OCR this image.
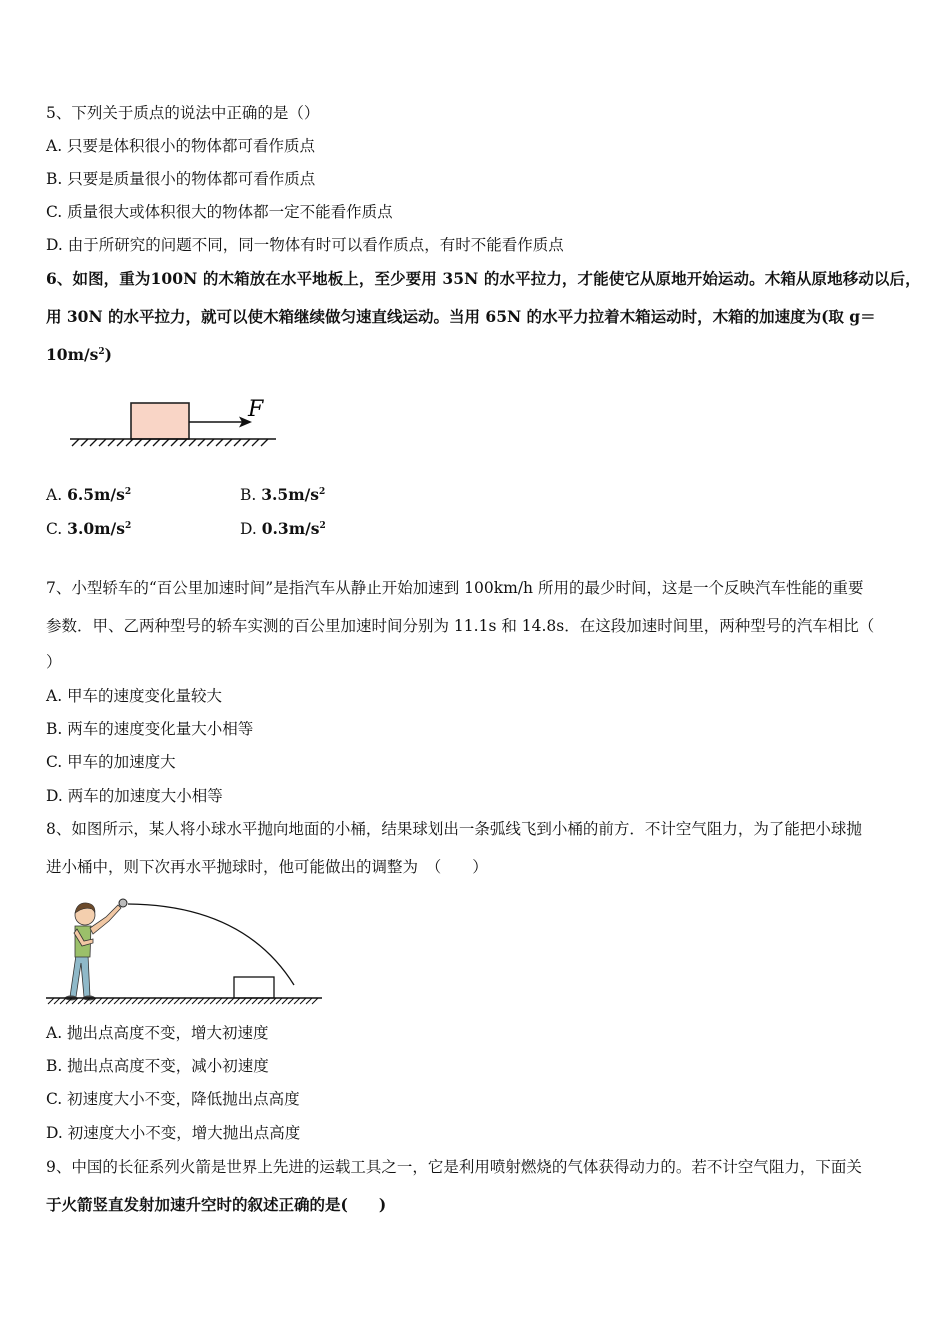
5、下列关于质点的说法中正确的是（）
A. 只要是体积很小的物体都可看作质点
B. 只要是质量很小的物体都可看作质点
C. 质量很大或体积很大的物体都一定不能看作质点
D. 由于所研究的问题不同，同一物体有时可以看作质点，有时不能看作质点
6、如图，重为100N 的木箱放在水平地板上，至少要用 35N 的水平拉力，才能使它从原地开始运动。木箱从原地移动以后，
用 30N 的水平拉力，就可以使木箱继续做匀速直线运动。当用 65N 的水平力拉着木箱运动时，木箱的加速度为(取 g＝
$10m/s^2$)
F
A. $6.5m/s^2$	B. $3.5m/s^2$
C. $3.0m/s^2$	D. $0.3m/s^2$
7、小型轿车的“百公里加速时间”是指汽车从静止开始加速到 100km/h 所用的最少时间，这是一个反映汽车性能的重要
参数．甲、乙两种型号的轿车实测的百公里加速时间分别为 11.1s 和 14.8s．在这段加速时间里，两种型号的汽车相比（
）
A. 甲车的速度变化量较大
B. 两车的速度变化量大小相等
C. 甲车的加速度大
D. 两车的加速度大小相等
8、如图所示，某人将小球水平抛向地面的小桶，结果球划出一条弧线飞到小桶的前方．不计空气阻力，为了能把小球抛
进小桶中，则下次再水平抛球时，他可能做出的调整为　（　　）
A. 抛出点高度不变，增大初速度
B. 抛出点高度不变，减小初速度
C. 初速度大小不变，降低抛出点高度
D. 初速度大小不变，增大抛出点高度
9、中国的长征系列火箭是世界上先进的运载工具之一，它是利用喷射燃烧的气体获得动力的。若不计空气阻力，下面关
于火箭竖直发射加速升空时的叙述正确的是(　　)
